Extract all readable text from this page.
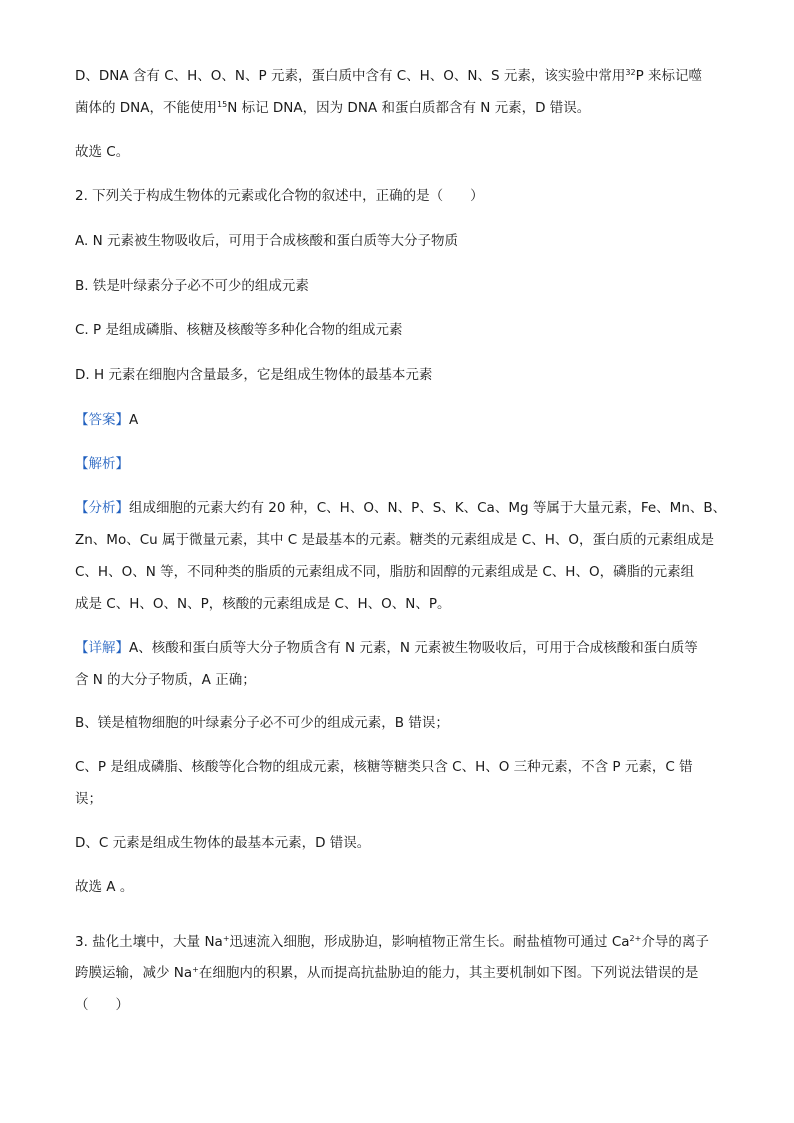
D、DNA 含有 C、H、O、N、P 元素，蛋白质中含有 C、H、O、N、S 元素，该实验中常用$^{32}$P 来标记噬
菌体的 DNA，不能使用$^{15}$N 标记 DNA，因为 DNA 和蛋白质都含有 N 元素，D 错误。
故选 C。
2. 下列关于构成生物体的元素或化合物的叙述中，正确的是（　　）
A. N 元素被生物吸收后，可用于合成核酸和蛋白质等大分子物质
B. 铁是叶绿素分子必不可少的组成元素
C. P 是组成磷脂、核糖及核酸等多种化合物的组成元素
D. H 元素在细胞内含量最多，它是组成生物体的最基本元素
【答案】A
【解析】
【分析】组成细胞的元素大约有 20 种，C、H、O、N、P、S、K、Ca、Mg 等属于大量元素，Fe、Mn、B、
Zn、Mo、Cu 属于微量元素，其中 C 是最基本的元素。糖类的元素组成是 C、H、O，蛋白质的元素组成是
C、H、O、N 等，不同种类的脂质的元素组成不同，脂肪和固醇的元素组成是 C、H、O，磷脂的元素组
成是 C、H、O、N、P，核酸的元素组成是 C、H、O、N、P。
【详解】A、核酸和蛋白质等大分子物质含有 N 元素，N 元素被生物吸收后，可用于合成核酸和蛋白质等
含 N 的大分子物质，A 正确；
B、镁是植物细胞的叶绿素分子必不可少的组成元素，B 错误；
C、P 是组成磷脂、核酸等化合物的组成元素，核糖等糖类只含 C、H、O 三种元素，不含 P 元素，C 错
误；
D、C 元素是组成生物体的最基本元素，D 错误。
故选 A 。
3. 盐化土壤中，大量 Na+迅速流入细胞，形成胁迫，影响植物正常生长。耐盐植物可通过 $Ca^{2+}$介导的离子
跨膜运输，减少 Na+在细胞内的积累，从而提高抗盐胁迫的能力，其主要机制如下图。下列说法错误的是
（　　）
